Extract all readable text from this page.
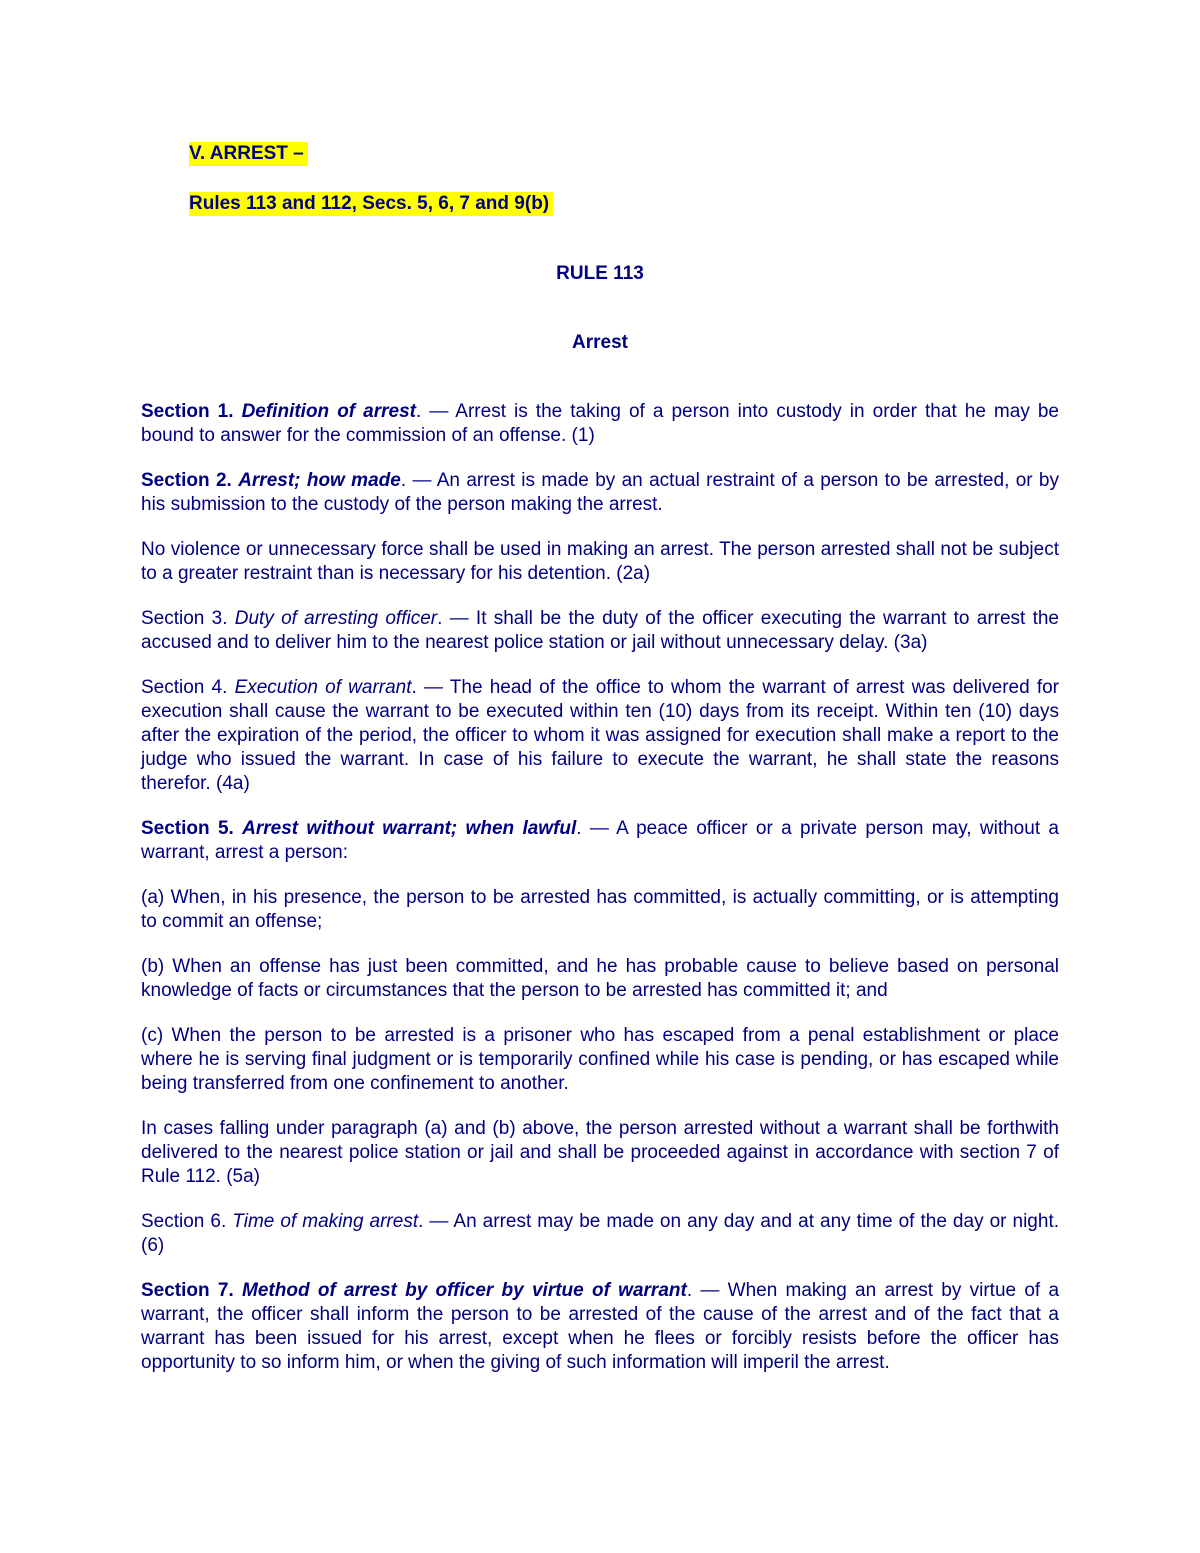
V. ARREST –
Rules 113 and 112, Secs. 5, 6, 7 and 9(b)
RULE 113
Arrest

Section 1. Definition of arrest. — Arrest is the taking of a person into custody in order that he may be bound to answer for the commission of an offense. (1)

Section 2. Arrest; how made. — An arrest is made by an actual restraint of a person to be arrested, or by his submission to the custody of the person making the arrest.

No violence or unnecessary force shall be used in making an arrest. The person arrested shall not be subject to a greater restraint than is necessary for his detention. (2a)

Section 3. Duty of arresting officer. — It shall be the duty of the officer executing the warrant to arrest the accused and to deliver him to the nearest police station or jail without unnecessary delay. (3a)

Section 4. Execution of warrant. — The head of the office to whom the warrant of arrest was delivered for execution shall cause the warrant to be executed within ten (10) days from its receipt. Within ten (10) days after the expiration of the period, the officer to whom it was assigned for execution shall make a report to the judge who issued the warrant. In case of his failure to execute the warrant, he shall state the reasons therefor. (4a)

Section 5. Arrest without warrant; when lawful. — A peace officer or a private person may, without a warrant, arrest a person:

(a) When, in his presence, the person to be arrested has committed, is actually committing, or is attempting to commit an offense;

(b) When an offense has just been committed, and he has probable cause to believe based on personal knowledge of facts or circumstances that the person to be arrested has committed it; and

(c) When the person to be arrested is a prisoner who has escaped from a penal establishment or place where he is serving final judgment or is temporarily confined while his case is pending, or has escaped while being transferred from one confinement to another.

In cases falling under paragraph (a) and (b) above, the person arrested without a warrant shall be forthwith delivered to the nearest police station or jail and shall be proceeded against in accordance with section 7 of Rule 112. (5a)

Section 6. Time of making arrest. — An arrest may be made on any day and at any time of the day or night. (6)

Section 7. Method of arrest by officer by virtue of warrant. — When making an arrest by virtue of a warrant, the officer shall inform the person to be arrested of the cause of the arrest and of the fact that a warrant has been issued for his arrest, except when he flees or forcibly resists before the officer has opportunity to so inform him, or when the giving of such information will imperil the arrest.
